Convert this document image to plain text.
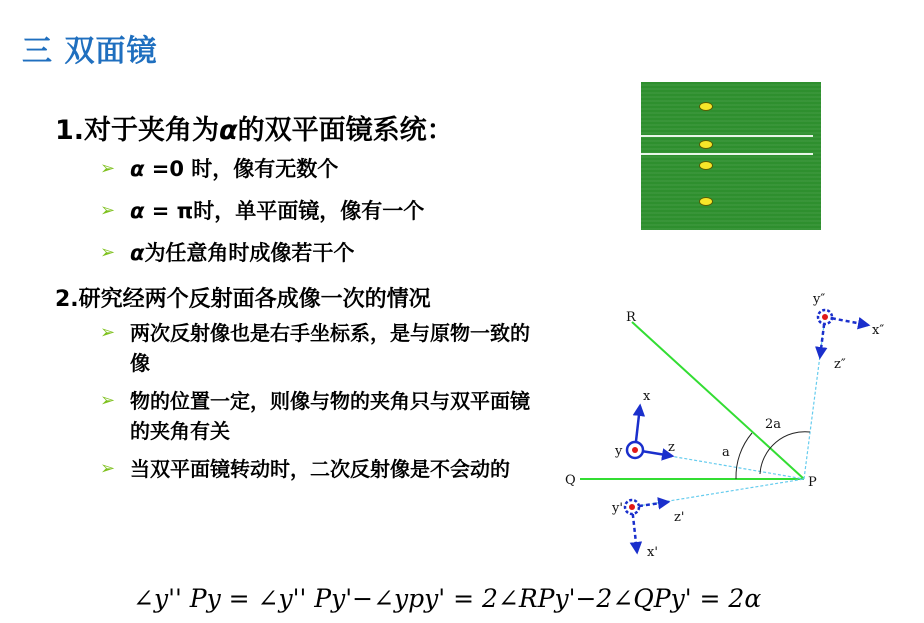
三 双面镜
1.对于夹角为α的双平面镜系统：
➢ α =0 时，像有无数个
➢ α = π时，单平面镜，像有一个
➢ α为任意角时成像若干个
2.研究经两个反射面各成像一次的情况
➢ 两次反射像也是右手坐标系，是与原物一致的像
➢ 物的位置一定，则像与物的夹角只与双平面镜的夹角有关
➢ 当双平面镜转动时，二次反射像是不会动的
R
Q	P
x
y	z	a
2a
y'
z'
x'
y″
x″
z″
∠y'' Py = ∠y'' Py'−∠ypy' = 2∠RPy'−2∠QPy' = 2α
